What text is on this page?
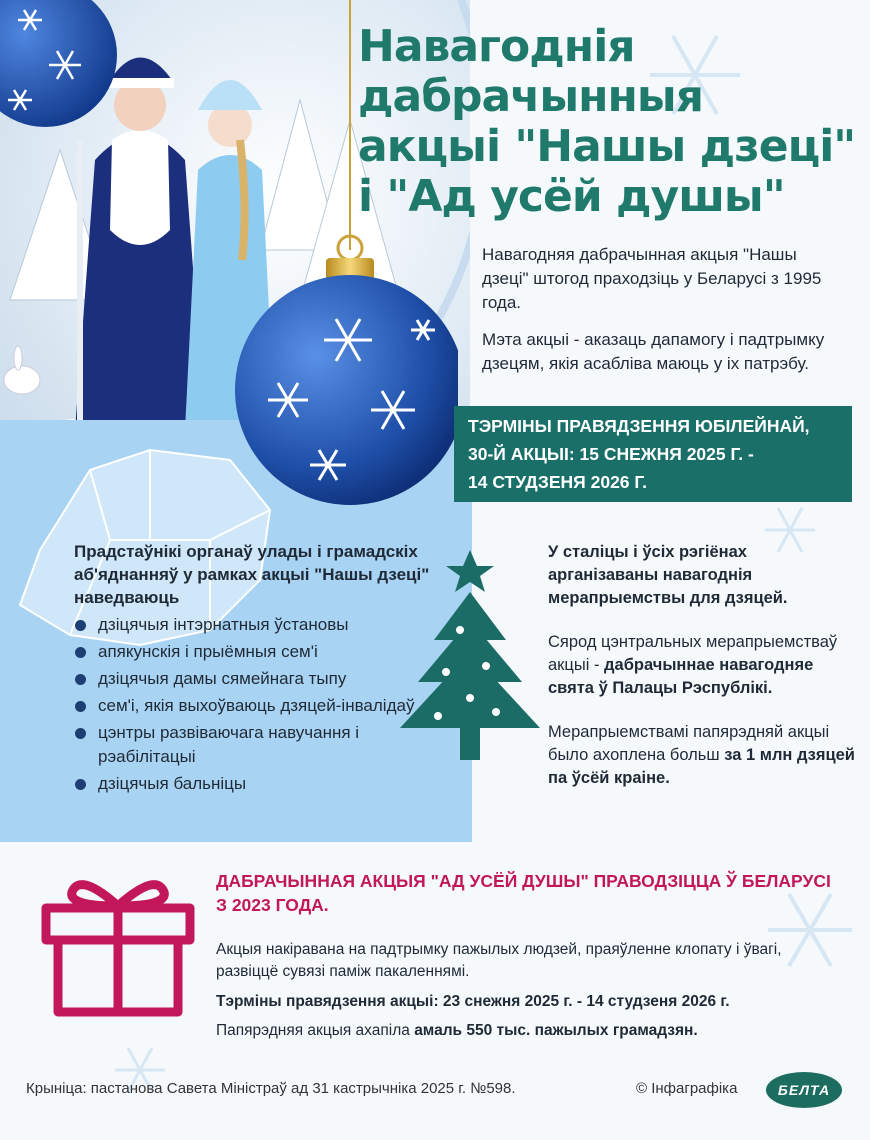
Навагоднія
дабрачынныя
акцыі "Нашы дзеці"
і "Ад усёй душы"
Навагодняя дабрачынная акцыя "Нашы дзеці" штогод праходзіць у Беларусі з 1995 года.
Мэта акцыі - аказаць дапамогу і падтрымку дзецям, якія асабліва маюць у іх патрэбу.
ТЭРМІНЫ ПРАВЯДЗЕННЯ ЮБІЛЕЙНАЙ,
30-Й АКЦЫІ: 15 СНЕЖНЯ 2025 Г. -
14 СТУДЗЕНЯ 2026 Г.
Прадстаўнікі органаў улады і грамадскіх аб'яднанняў у рамках акцыі "Нашы дзеці" наведваюць
дзіцячыя інтэрнатныя ўстановы
апякунскія і прыёмныя сем'і
дзіцячыя дамы сямейнага тыпу
сем'і, якія выхоўваюць дзяцей-інвалідаў
цэнтры развіваючага навучання і рэабілітацыі
дзіцячыя бальніцы

У сталіцы і ўсіх рэгіёнах арганізаваны навагоднія мерапрыемствы для дзяцей.

Сярод цэнтральных мерапрыемстваў акцыі - дабрачыннае навагодняе свята ў Палацы Рэспублікі.

Мерапрыемствамі папярэдняй акцыі было ахоплена больш за 1 млн дзяцей па ўсёй краіне.

ДАБРАЧЫННАЯ АКЦЫЯ "АД УСЁЙ ДУШЫ" ПРАВОДЗІЦЦА Ў БЕЛАРУСІ З 2023 ГОДА.
Акцыя накіравана на падтрымку пажылых людзей, праяўленне клопату і ўвагі, развіццё сувязі паміж пакаленнямі.
Тэрміны правядзення акцыі: 23 снежня 2025 г. - 14 студзеня 2026 г.
Папярэдняя акцыя ахапіла амаль 550 тыс. пажылых грамадзян.
Крыніца: пастанова Савета Міністраў ад 31 кастрычніка 2025 г. №598.	© Інфаграфіка	БЕЛТА
